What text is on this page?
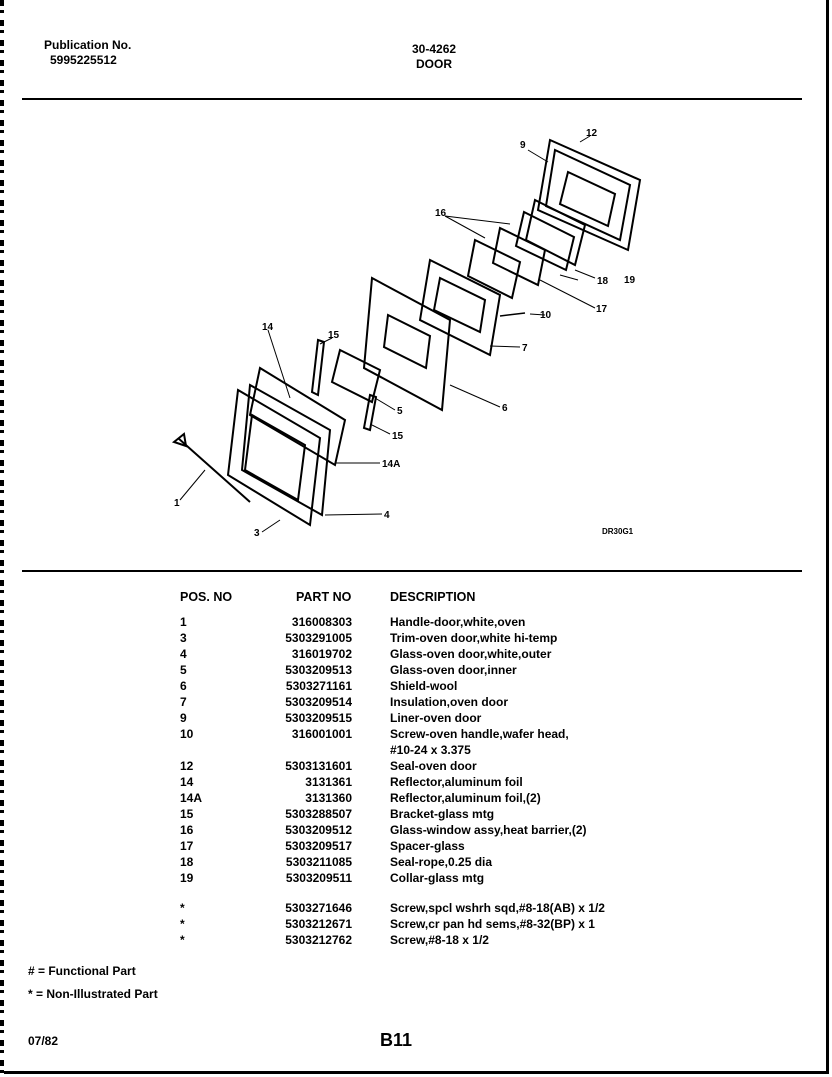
Publication No.
5995225512
30-4262
DOOR
12
9
16
18 19
17
10
7
6
14
15
5
15
14A
4
1
3	DR30G1
POS. NO	PART NO	DESCRIPTION
1	316008303	Handle-door,white,oven
3	5303291005	Trim-oven door,white hi-temp
4	316019702	Glass-oven door,white,outer
5	5303209513	Glass-oven door,inner
6	5303271161	Shield-wool
7	5303209514	Insulation,oven door
9	5303209515	Liner-oven door
10	316001001	Screw-oven handle,wafer head,
#10-24 x 3.375
12	5303131601	Seal-oven door
14	3131361	Reflector,aluminum foil
14A	3131360	Reflector,aluminum foil,(2)
15	5303288507	Bracket-glass mtg
16	5303209512	Glass-window assy,heat barrier,(2)
17	5303209517	Spacer-glass
18	5303211085	Seal-rope,0.25 dia
19	5303209511	Collar-glass mtg
*	5303271646	Screw,spcl wshrh sqd,#8-18(AB) x 1/2
*	5303212671	Screw,cr pan hd sems,#8-32(BP) x 1
*	5303212762	Screw,#8-18 x 1/2
# = Functional Part
* = Non-Illustrated Part
07/82	B11
